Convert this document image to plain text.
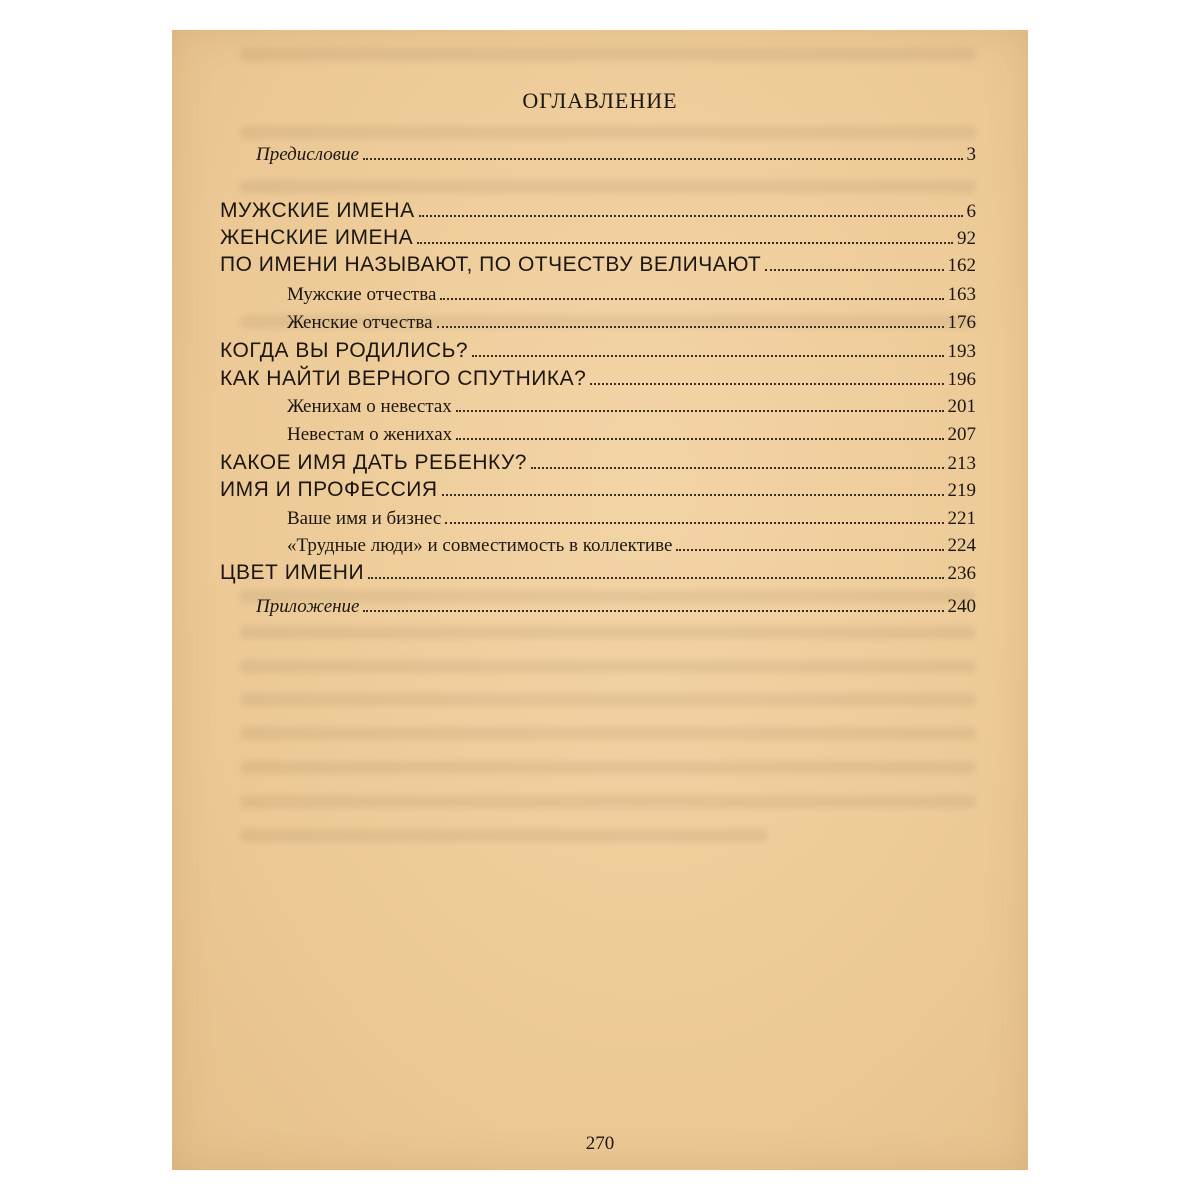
ОГЛАВЛЕНИЕ
Предисловие	3
МУЖСКИЕ ИМЕНА	6
ЖЕНСКИЕ ИМЕНА	92
ПО ИМЕНИ НАЗЫВАЮТ, ПО ОТЧЕСТВУ ВЕЛИЧАЮТ	162
Мужские отчества	163
Женские отчества	176
КОГДА ВЫ РОДИЛИСЬ?	193
КАК НАЙТИ ВЕРНОГО СПУТНИКА?	196
Женихам о невестах	201
Невестам о женихах	207
КАКОЕ ИМЯ ДАТЬ РЕБЕНКУ?	213
ИМЯ И ПРОФЕССИЯ	219
Ваше имя и бизнес	221
«Трудные люди» и совместимость в коллективе	224
ЦВЕТ ИМЕНИ	236
Приложение	240
270
